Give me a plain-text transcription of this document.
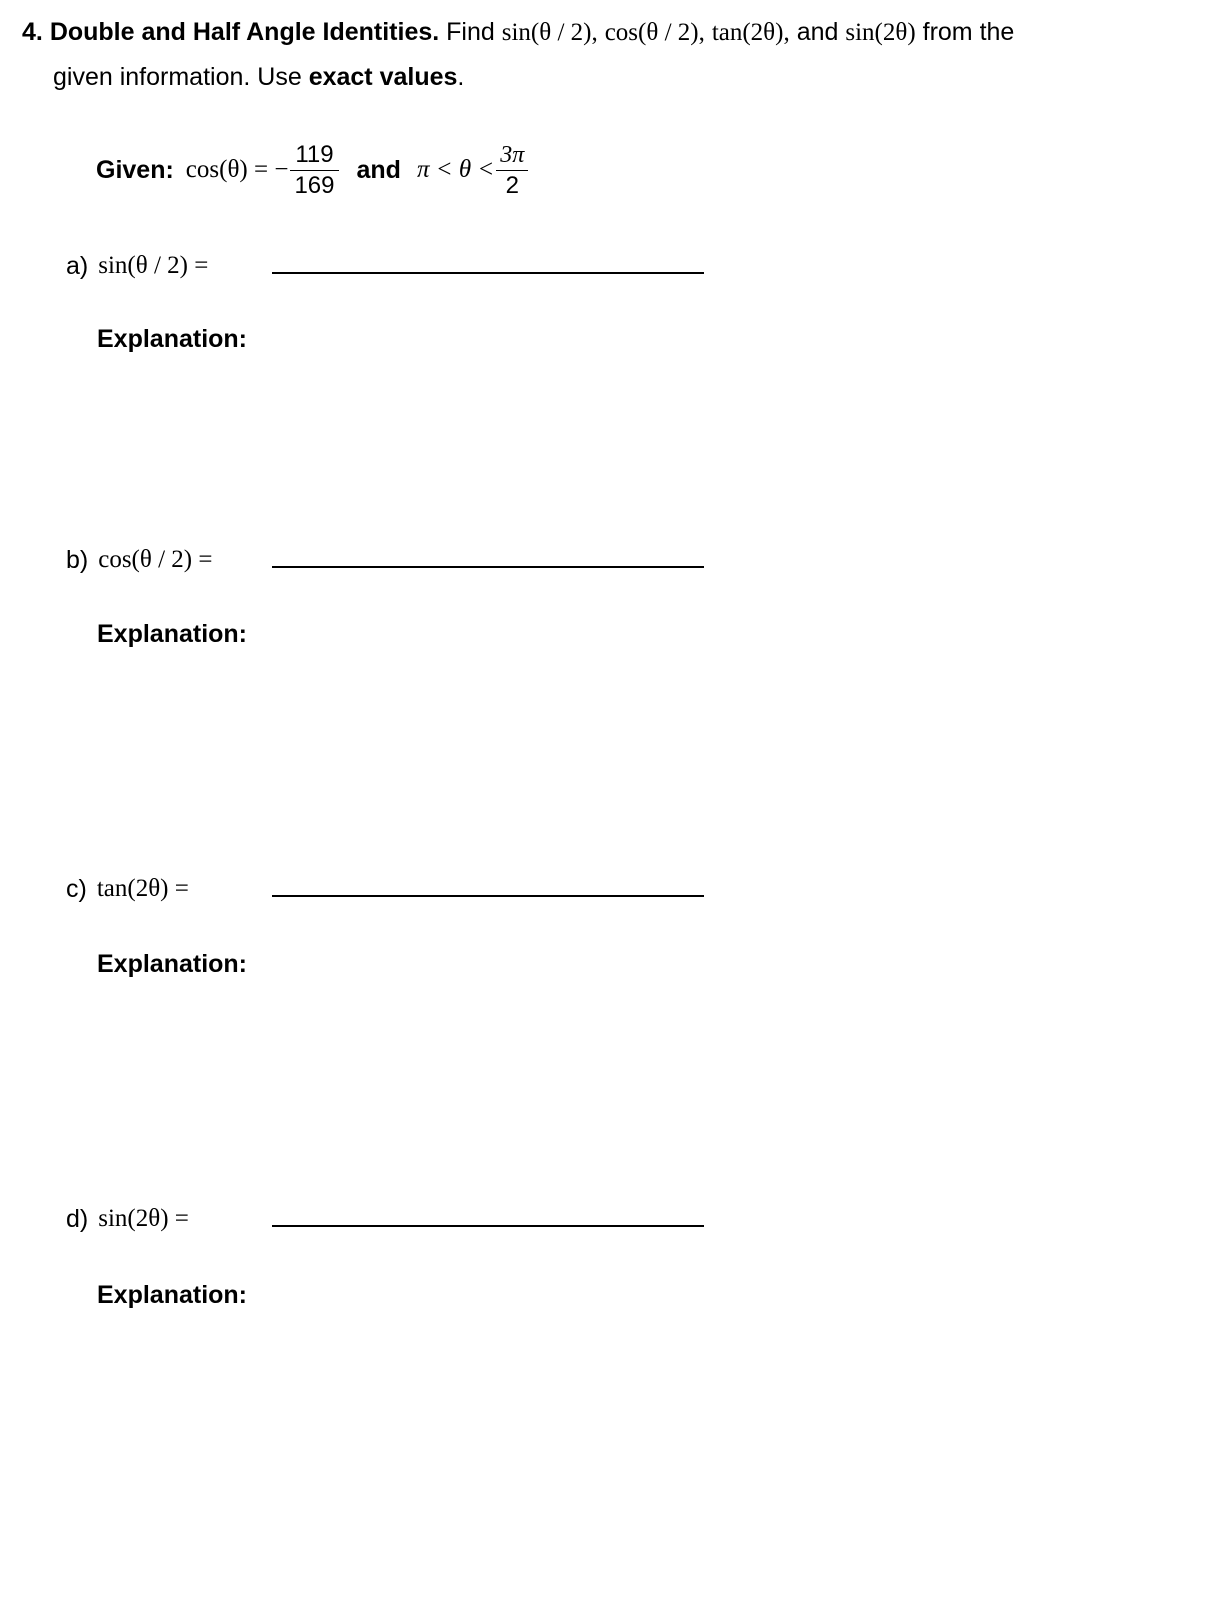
4. Double and Half Angle Identities. Find sin(θ / 2), cos(θ / 2), tan(2θ), and sin(2θ) from the
given information. Use exact values.
Given: cos(θ) = − $\frac{119}{169}$ and $\pi < \theta < \frac{3\pi}{2}$
a) sin(θ / 2) =
Explanation:
b) cos(θ / 2) =
Explanation:
c) tan(2θ) =
Explanation:
d) sin(2θ) =
Explanation:
